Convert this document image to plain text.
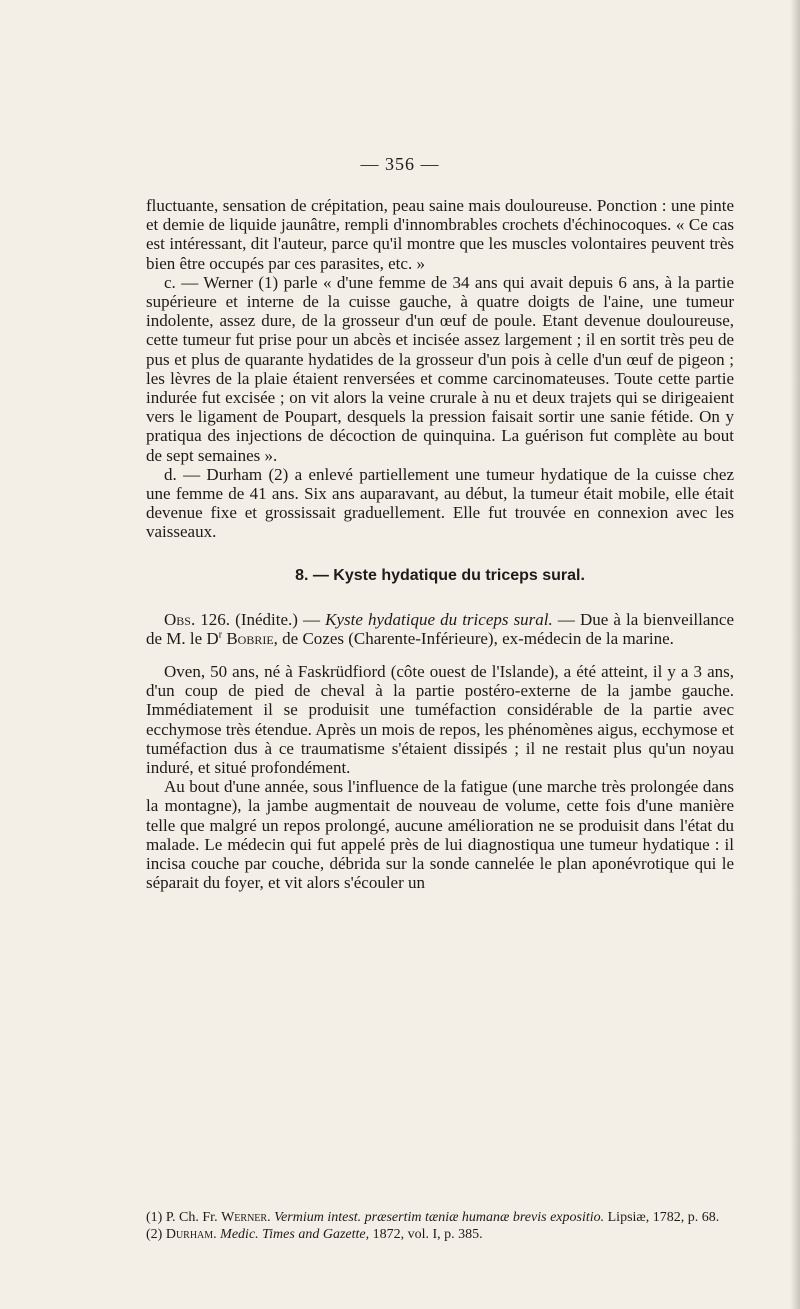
— 356 —

fluctuante, sensation de crépitation, peau saine mais douloureuse. Ponction : une pinte et demie de liquide jaunâtre, rempli d'innombrables crochets d'échinocoques. « Ce cas est intéressant, dit l'auteur, parce qu'il montre que les muscles volontaires peuvent très bien être occupés par ces parasites, etc. »

c. — Werner (1) parle « d'une femme de 34 ans qui avait depuis 6 ans, à la partie supérieure et interne de la cuisse gauche, à quatre doigts de l'aine, une tumeur indolente, assez dure, de la grosseur d'un œuf de poule. Etant devenue douloureuse, cette tumeur fut prise pour un abcès et incisée assez largement ; il en sortit très peu de pus et plus de quarante hydatides de la grosseur d'un pois à celle d'un œuf de pigeon ; les lèvres de la plaie étaient renversées et comme carcinomateuses. Toute cette partie indurée fut excisée ; on vit alors la veine crurale à nu et deux trajets qui se dirigeaient vers le ligament de Poupart, desquels la pression faisait sortir une sanie fétide. On y pratiqua des injections de décoction de quinquina. La guérison fut complète au bout de sept semaines ».

d. — Durham (2) a enlevé partiellement une tumeur hydatique de la cuisse chez une femme de 41 ans. Six ans auparavant, au début, la tumeur était mobile, elle était devenue fixe et grossissait graduellement. Elle fut trouvée en connexion avec les vaisseaux.

8. — Kyste hydatique du triceps sural.

Obs. 126. (Inédite.) — Kyste hydatique du triceps sural. — Due à la bienveillance de M. le $D^r$ Bobrie, de Cozes (Charente-Inférieure), ex-médecin de la marine.

Oven, 50 ans, né à Faskrüdfiord (côte ouest de l'Islande), a été atteint, il y a 3 ans, d'un coup de pied de cheval à la partie postéro-externe de la jambe gauche. Immédiatement il se produisit une tuméfaction considérable de la partie avec ecchymose très étendue. Après un mois de repos, les phénomènes aigus, ecchymose et tuméfaction dus à ce traumatisme s'étaient dissipés ; il ne restait plus qu'un noyau induré, et situé profondément.

Au bout d'une année, sous l'influence de la fatigue (une marche très prolongée dans la montagne), la jambe augmentait de nouveau de volume, cette fois d'une manière telle que malgré un repos prolongé, aucune amélioration ne se produisit dans l'état du malade. Le médecin qui fut appelé près de lui diagnostiqua une tumeur hydatique : il incisa couche par couche, débrida sur la sonde cannelée le plan aponévrotique qui le séparait du foyer, et vit alors s'écouler un

(1) P. Ch. Fr. Werner. Vermium intest. præsertim tæniæ humanæ brevis expositio. Lipsiæ, 1782, p. 68.

(2) Durham. Medic. Times and Gazette, 1872, vol. I, p. 385.
